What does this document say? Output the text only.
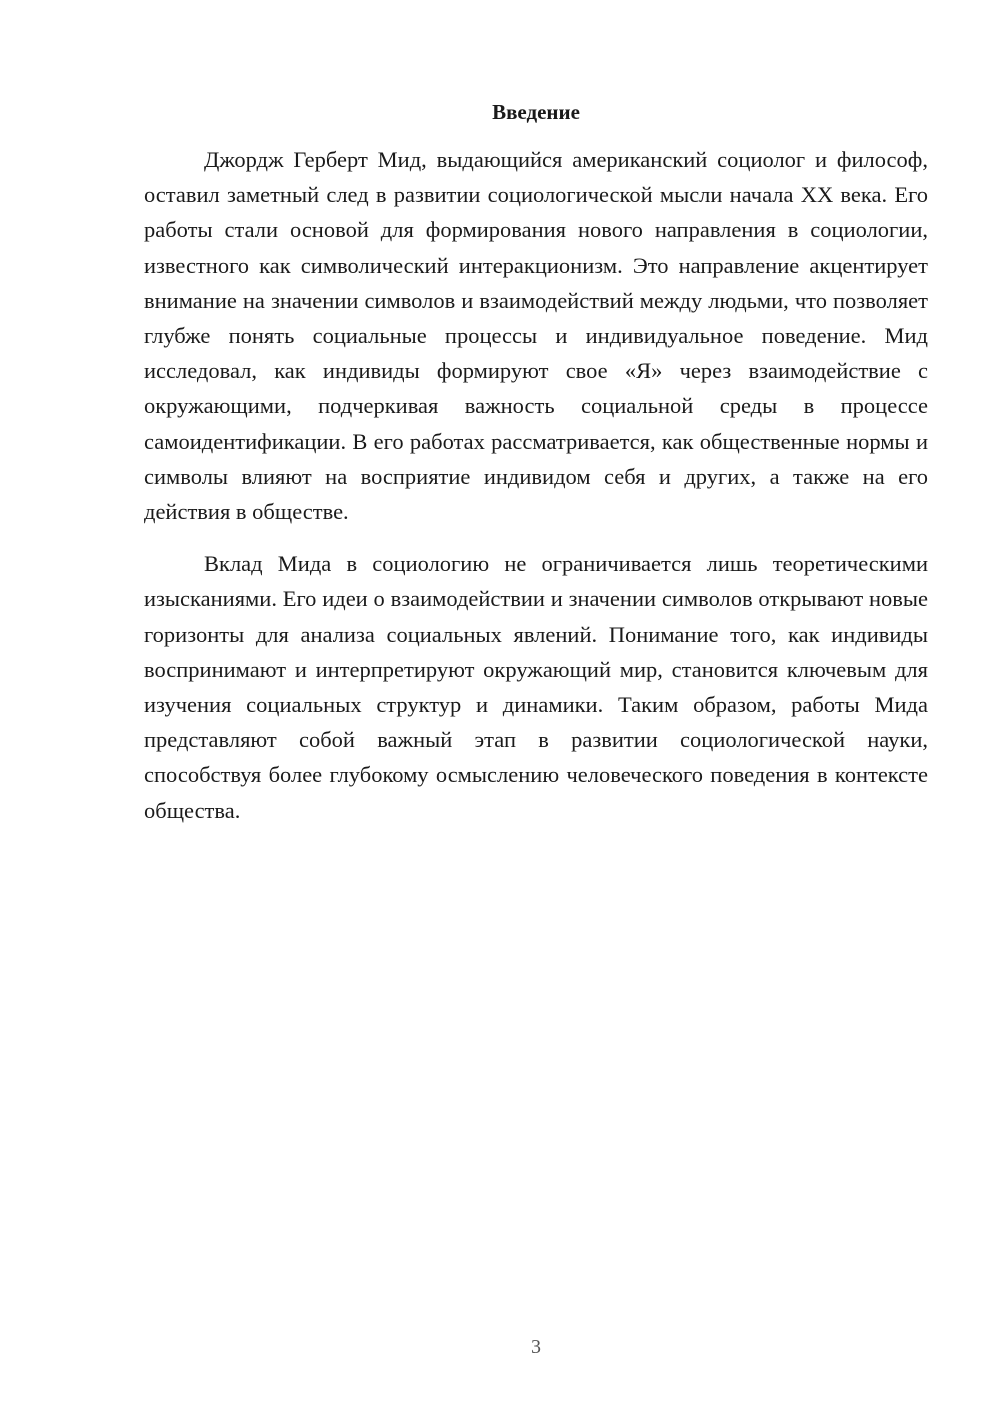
Введение

Джордж Герберт Мид, выдающийся американский социолог и философ, оставил заметный след в развитии социологической мысли начала XX века. Его работы стали основой для формирования нового направления в социологии, известного как символический интеракционизм. Это направление акцентирует внимание на значении символов и взаимодействий между людьми, что позволяет глубже понять социальные процессы и индивидуальное поведение. Мид исследовал, как индивиды формируют свое «Я» через взаимодействие с окружающими, подчеркивая важность социальной среды в процессе самоидентификации. В его работах рассматривается, как общественные нормы и символы влияют на восприятие индивидом себя и других, а также на его действия в обществе.

Вклад Мида в социологию не ограничивается лишь теоретическими изысканиями. Его идеи о взаимодействии и значении символов открывают новые горизонты для анализа социальных явлений. Понимание того, как индивиды воспринимают и интерпретируют окружающий мир, становится ключевым для изучения социальных структур и динамики. Таким образом, работы Мида представляют собой важный этап в развитии социологической науки, способствуя более глубокому осмыслению человеческого поведения в контексте общества.

3
